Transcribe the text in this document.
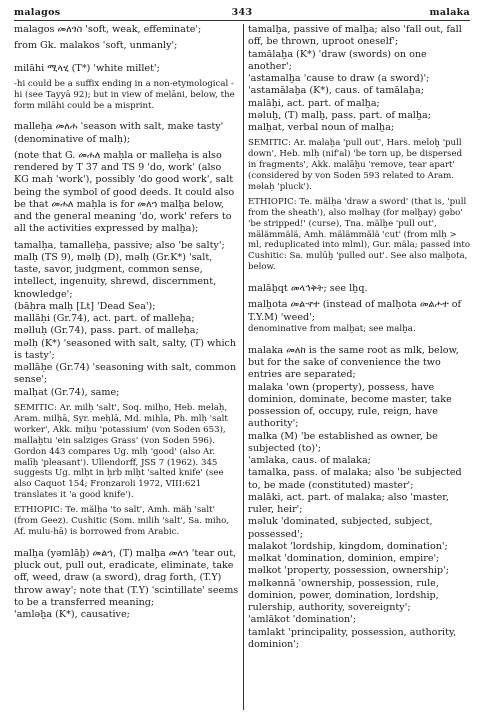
malagos	343	malaka

malagos መለጎስ 'soft, weak, effeminate';

from Gk. malakos 'soft, unmanly';

milāhi ሚላሂ (T*) 'white millet';

-hi could be a suffix ending in a non-etymological -hi (see Tayyā 92); but in view of melāni, below, the form milāhi could be a misprint.

malleḥa መለሐ 'season with salt, make tasty' (denominative of malḥ);

(note that G. መሐለ maḥla or malleḥa is also rendered by T 37 and TS 9 'do, work' (also KG maḥ 'work'), possibly 'do good work', salt being the symbol of good deeds. It could also be that መሐለ maḥla is for መለኀ malḫa below, and the general meaning 'do, work' refers to all the activities expressed by malḫa);

tamalḥa, tamalleḥa, passive; also 'be salty';

malḥ (TS 9), məlḥ (D), məlḥ (Gr.K*) 'salt, taste, savor, judgment, common sense, intellect, ingenuity, shrewd, discernment, knowledge';

(bāḥra malḥ [Lt] 'Dead Sea');

mallāḥi (Gr.74), act. part. of malleḥa;

məlluḥ (Gr.74), pass. part. of malleḥa;

məlḥ (K*) 'seasoned with salt, salty, (T) which is tasty';

məllāḥe (Gr.74) 'seasoning with salt, common sense';

malḥat (Gr.74), same;

SEMITIC: Ar. milḥ 'salt', Soq. milḥo, Heb. melaḥ, Aram. milḥā, Syr. meḥlā, Md. mihla, Ph. mlḥ 'salt worker', Akk. miḫu 'potassium' (von Soden 653), mallaḫtu 'ein salziges Grass' (von Soden 596). Gordon 443 compares Ug. mlḥ 'good' (also Ar. malīḥ 'pleasant'). Ullendorff, JSS 7 (1962). 345 suggests Ug. mlḥt in ḥrb mlḥt 'salted knife' (see also Caquot 154; Fronzaroli 1972, VIII:621 translates it 'a good knife').

ETHIOPIC: Te. mälḥa 'to salt', Amh. mäḥ 'salt' (from Geez). Cushitic (Som. milih 'salt', Sa. miho, Af. mulu-hā) is borrowed from Arabic.

malḫa (yəmlāḫ) መልኀ, (T) malḫa መለኀ 'tear out, pluck out, pull out, eradicate, eliminate, take off, weed, draw (a sword), drag forth, (T.Y) throw away'; note that (T.Y) 'scintillate' seems to be a transferred meaning;

'amləḫa (K*), causative;

tamalḫa, passive of malḫa; also 'fall out, fall off, be thrown, uproot oneself';

tamālaḫa (K*) 'draw (swords) on one another';

'astamalḫa 'cause to draw (a sword)';

'astamālaḫa (K*), caus. of tamālaḫa;

malāḫi, act. part. of malḫa;

məluḫ, (T) malḫ, pass. part. of malḫa;

malḫat, verbal noun of malḫa;

SEMITIC: Ar. malaḫa 'pull out', Hars. meloḫ 'pull down', Heb. mlḥ (nif'al) 'be torn up, be dispersed in fragments', Akk. malāḫu 'remove, tear apart' (considered by von Soden 593 related to Aram. məlaḥ 'pluck').

ETHIOPIC: Te. mälḥa 'draw a sword' (that is, 'pull from the sheath'), also məlhay (for məlḫay) gəbo' 'be stripped!' (curse), Tna. mälḫe 'pull out', mälämmälä, Amh. mälämmälä 'cut' (from mlḥ > ml, reduplicated into mlml), Gur. mäla; passed into Cushitic: Sa. mulūḫ 'pulled out'. See also malḫota, below.

malāḫqt መላኅቅት; see lḫq.

malḫota መልኆተ (instead of malḥota መልሖተ of T.Y.M) 'weed';

denominative from malḫat; see malḫa.

malaka መለከ is the same root as mlk, below, but for the sake of convenience the two entries are separated;

malaka 'own (property), possess, have dominion, dominate, become master, take possession of, occupy, rule, reign, have authority';

malka (M) 'be established as owner, be subjected (to)';

'amlaka, caus. of malaka;

tamalka, pass. of malaka; also 'be subjected to, be made (constituted) master';

malāki, act. part. of malaka; also 'master, ruler, heir';

məluk 'dominated, subjected, subject, possessed';

malakot 'lordship, kingdom, domination';

məlkat 'domination, dominion, empire';

məlkot 'property, possession, ownership';

məlkənnā 'ownership, possession, rule, dominion, power, domination, lordship, rulership, authority, sovereignty';

'amlākot 'domination';

tamlakt 'principality, possession, authority, dominion';
